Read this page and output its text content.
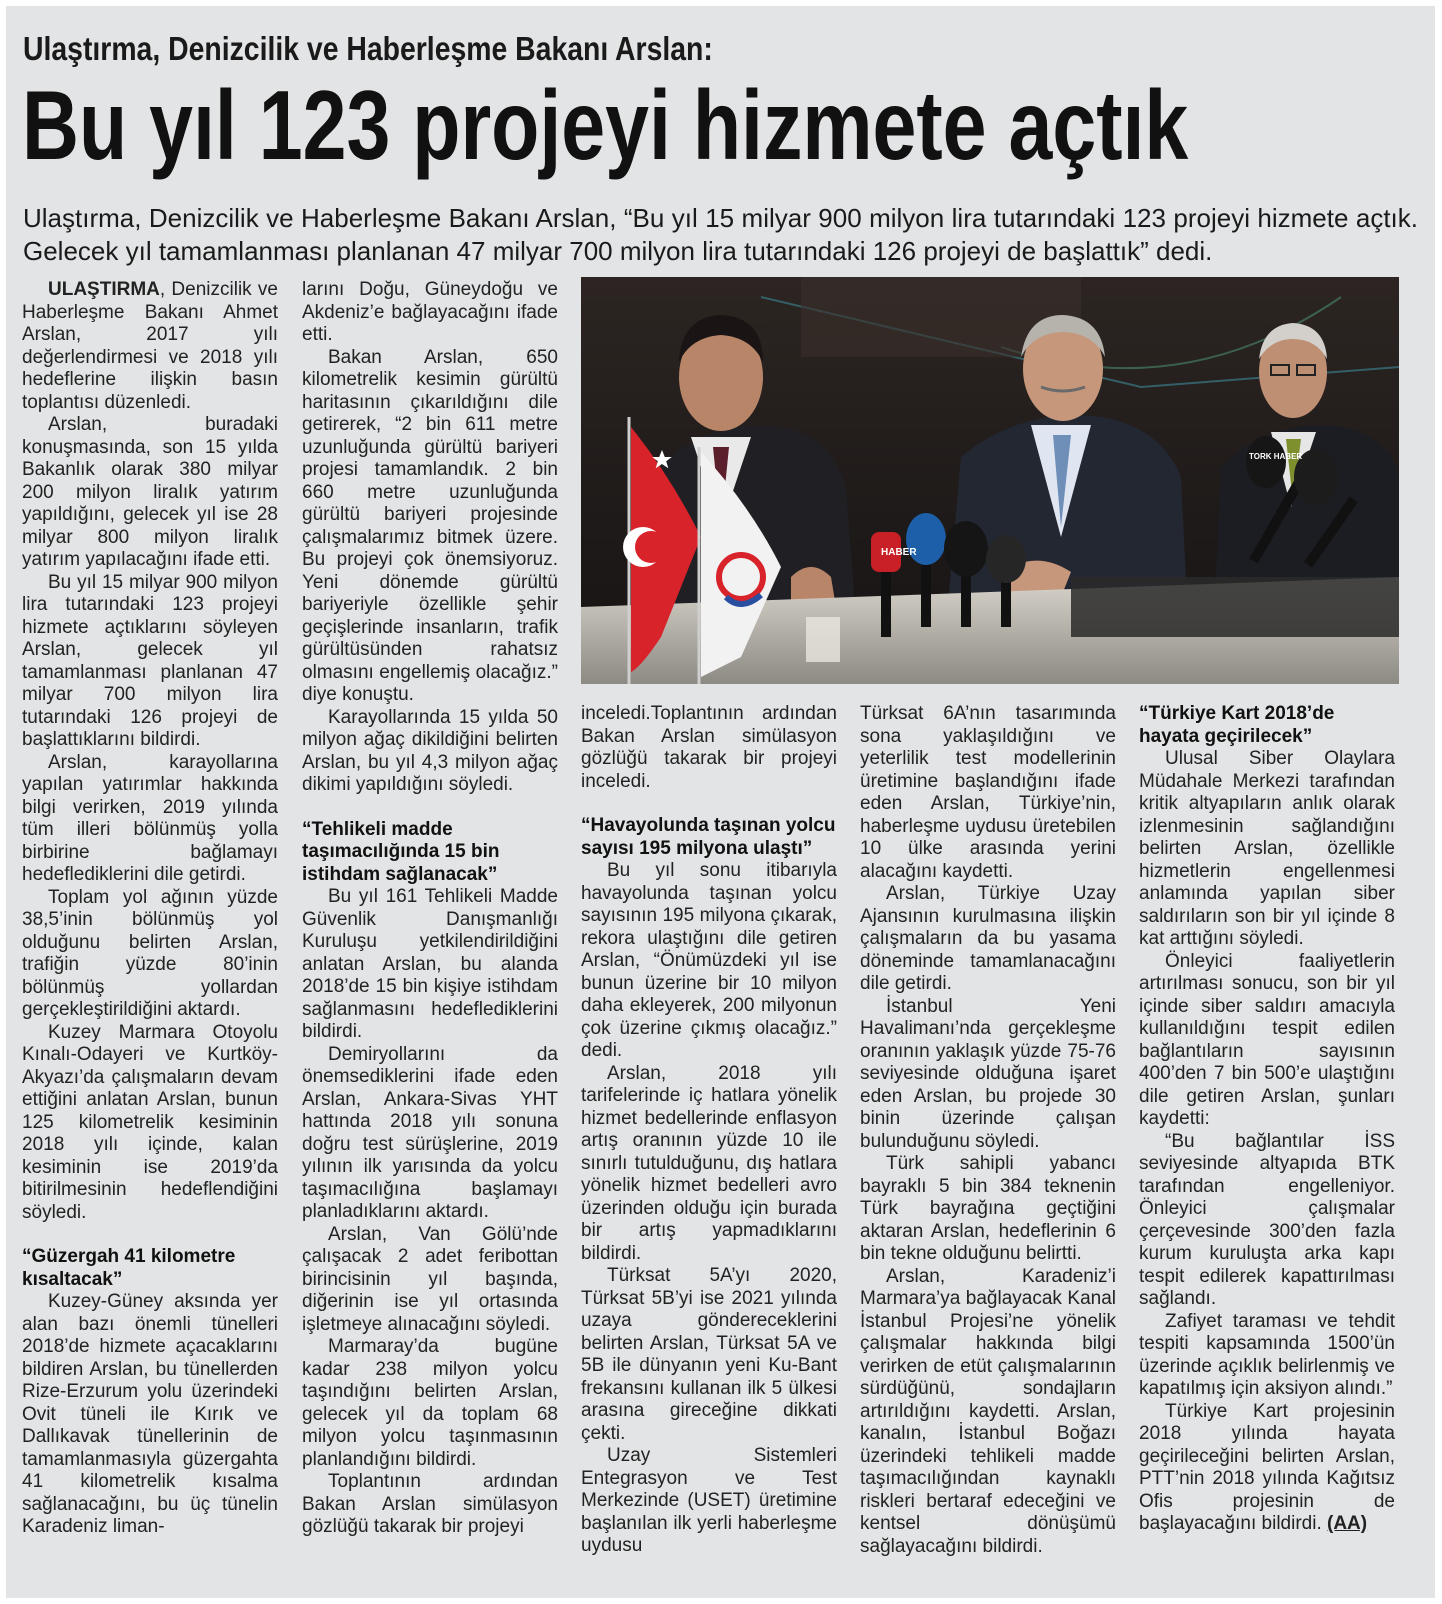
Ulaştırma, Denizcilik ve Haberleşme Bakanı Arslan:
Bu yıl 123 projeyi hizmete açtık
Ulaştırma, Denizcilik ve Haberleşme Bakanı Arslan, “Bu yıl 15 milyar 900 milyon lira tutarındaki 123 projeyi hizmete açtık. Gelecek yıl tamamlanması planlanan 47 milyar 700 milyon lira tutarındaki 126 projeyi de başlattık” dedi.
HABER
TORK HABER

ULAŞTIRMA, Denizcilik ve Haberleşme Bakanı Ahmet Arslan, 2017 yılı değerlendirmesi ve 2018 yılı hedeflerine ilişkin basın toplantısı düzenledi.

Arslan, buradaki konuşmasında, son 15 yılda Bakanlık olarak 380 milyar 200 milyon liralık yatırım yapıldığını, gelecek yıl ise 28 milyar 800 milyon liralık yatırım yapılacağını ifade etti.

Bu yıl 15 milyar 900 milyon lira tutarındaki 123 projeyi hizmete açtıklarını söyleyen Arslan, gelecek yıl tamamlanması planlanan 47 milyar 700 milyon lira tutarındaki 126 projeyi de başlattıklarını bildirdi.

Arslan, karayollarına yapılan yatırımlar hakkında bilgi verirken, 2019 yılında tüm illeri bölünmüş yolla birbirine bağlamayı hedeflediklerini dile getirdi.

Toplam yol ağının yüzde 38,5’inin bölünmüş yol olduğunu belirten Arslan, trafiğin yüzde 80’inin bölünmüş yollardan gerçekleştirildiğini aktardı.

Kuzey Marmara Otoyolu Kınalı-Odayeri ve Kurtköy-Akyazı’da çalışmaların devam ettiğini anlatan Arslan, bunun 125 kilometrelik kesiminin 2018 yılı içinde, kalan kesiminin ise 2019’da bitirilmesinin hedeflendiğini söyledi.

“Güzergah 41 kilometre kısaltacak”

Kuzey-Güney aksında yer alan bazı önemli tünelleri 2018’de hizmete açacaklarını bildiren Arslan, bu tünellerden Rize-Erzurum yolu üzerindeki Ovit tüneli ile Kırık ve Dallıkavak tünellerinin de tamamlanmasıyla güzergahta 41 kilometrelik kısalma sağlanacağını, bu üç tünelin Karadeniz liman-

larını Doğu, Güneydoğu ve Akdeniz’e bağlayacağını ifade etti.

Bakan Arslan, 650 kilometrelik kesimin gürültü haritasının çıkarıldığını dile getirerek, “2 bin 611 metre uzunluğunda gürültü bariyeri projesi tamamlandık. 2 bin 660 metre uzunluğunda gürültü bariyeri projesinde çalışmalarımız bitmek üzere. Bu projeyi çok önemsiyoruz. Yeni dönemde gürültü bariyeriyle özellikle şehir geçişlerinde insanların, trafik gürültüsünden rahatsız olmasını engellemiş olacağız.” diye konuştu.

Karayollarında 15 yılda 50 milyon ağaç dikildiğini belirten Arslan, bu yıl 4,3 milyon ağaç dikimi yapıldığını söyledi.

“Tehlikeli madde taşımacılığında 15 bin istihdam sağlanacak”

Bu yıl 161 Tehlikeli Madde Güvenlik Danışmanlığı Kuruluşu yetkilendirildiğini anlatan Arslan, bu alanda 2018’de 15 bin kişiye istihdam sağlanmasını hedeflediklerini bildirdi.

Demiryollarını da önemsediklerini ifade eden Arslan, Ankara-Sivas YHT hattında 2018 yılı sonuna doğru test sürüşlerine, 2019 yılının ilk yarısında da yolcu taşımacılığına başlamayı planladıklarını aktardı.

Arslan, Van Gölü’nde çalışacak 2 adet feribottan birincisinin yıl başında, diğerinin ise yıl ortasında işletmeye alınacağını söyledi.

Marmaray’da bugüne kadar 238 milyon yolcu taşındığını belirten Arslan, gelecek yıl da toplam 68 milyon yolcu taşınmasının planlandığını bildirdi.

Toplantının ardından Bakan Arslan simülasyon gözlüğü takarak bir projeyi

inceledi.Toplantının ardından Bakan Arslan simülasyon gözlüğü takarak bir projeyi inceledi.

“Havayolunda taşınan yolcu sayısı 195 milyona ulaştı”

Bu yıl sonu itibarıyla havayolunda taşınan yolcu sayısının 195 milyona çıkarak, rekora ulaştığını dile getiren Arslan, “Önümüzdeki yıl ise bunun üzerine bir 10 milyon daha ekleyerek, 200 milyonun çok üzerine çıkmış olacağız.” dedi.

Arslan, 2018 yılı tarifelerinde iç hatlara yönelik hizmet bedellerinde enflasyon artış oranının yüzde 10 ile sınırlı tutulduğunu, dış hatlara yönelik hizmet bedelleri avro üzerinden olduğu için burada bir artış yapmadıklarını bildirdi.

Türksat 5A’yı 2020, Türksat 5B’yi ise 2021 yılında uzaya göndereceklerini belirten Arslan, Türksat 5A ve 5B ile dünyanın yeni Ku-Bant frekansını kullanan ilk 5 ülkesi arasına gireceğine dikkati çekti.

Uzay Sistemleri Entegrasyon ve Test Merkezinde (USET) üretimine başlanılan ilk yerli haberleşme uydusu

Türksat 6A’nın tasarımında sona yaklaşıldığını ve yeterlilik test modellerinin üretimine başlandığını ifade eden Arslan, Türkiye’nin, haberleşme uydusu üretebilen 10 ülke arasında yerini alacağını kaydetti.

Arslan, Türkiye Uzay Ajansının kurulmasına ilişkin çalışmaların da bu yasama döneminde tamamlanacağını dile getirdi.

İstanbul Yeni Havalimanı’nda gerçekleşme oranının yaklaşık yüzde 75-76 seviyesinde olduğuna işaret eden Arslan, bu projede 30 binin üzerinde çalışan bulunduğunu söyledi.

Türk sahipli yabancı bayraklı 5 bin 384 teknenin Türk bayrağına geçtiğini aktaran Arslan, hedeflerinin 6 bin tekne olduğunu belirtti.

Arslan, Karadeniz’i Marmara’ya bağlayacak Kanal İstanbul Projesi’ne yönelik çalışmalar hakkında bilgi verirken de etüt çalışmalarının sürdüğünü, sondajların artırıldığını kaydetti. Arslan, kanalın, İstanbul Boğazı üzerindeki tehlikeli madde taşımacılığından kaynaklı riskleri bertaraf edeceğini ve kentsel dönüşümü sağlayacağını bildirdi.

“Türkiye Kart 2018’de hayata geçirilecek”

Ulusal Siber Olaylara Müdahale Merkezi tarafından kritik altyapıların anlık olarak izlenmesinin sağlandığını belirten Arslan, özellikle hizmetlerin engellenmesi anlamında yapılan siber saldırıların son bir yıl içinde 8 kat arttığını söyledi.

Önleyici faaliyetlerin artırılması sonucu, son bir yıl içinde siber saldırı amacıyla kullanıldığını tespit edilen bağlantıların sayısının 400’den 7 bin 500’e ulaştığını dile getiren Arslan, şunları kaydetti:

“Bu bağlantılar İSS seviyesinde altyapıda BTK tarafından engelleniyor. Önleyici çalışmalar çerçevesinde 300’den fazla kurum kuruluşta arka kapı tespit edilerek kapattırılması sağlandı.

Zafiyet taraması ve tehdit tespiti kapsamında 1500’ün üzerinde açıklık belirlenmiş ve kapatılmış için aksiyon alındı.”

Türkiye Kart projesinin 2018 yılında hayata geçirileceğini belirten Arslan, PTT’nin 2018 yılında Kağıtsız Ofis projesinin de başlayacağını bildirdi. (AA)
